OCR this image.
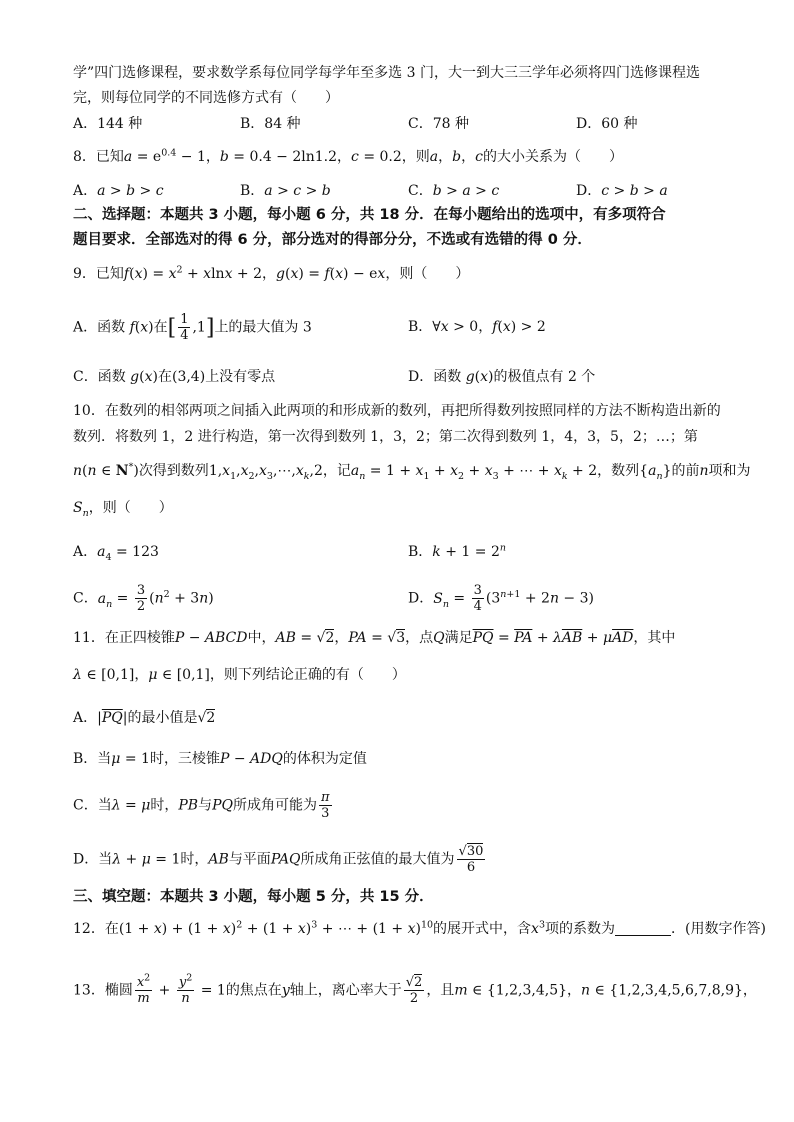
学”四门选修课程，要求数学系每位同学每学年至多选 3 门，大一到大三三学年必须将四门选修课程选
完，则每位同学的不同选修方式有（　　）
A．144 种	B．84 种	C．78 种	D．60 种
8．已知$a = e^{0.4} - 1$，b = 0.4 − 2ln1.2，c = 0.2，则a，b，c的大小关系为（　　）
A．a > b > c	B．a > c > b	C．b > a > c	D．c > b > a
二、选择题：本题共 3 小题，每小题 6 分，共 18 分．在每小题给出的选项中，有多项符合
题目要求．全部选对的得 6 分，部分选对的得部分分，不选或有选错的得 0 分．
9．已知$f(x) = x^2 + xlnx + 2$，g(x) = f(x) − ex，则（　　）
A．函数 f(x)在[ $\frac{1}{4} ,1$]上的最大值为 3	B．∀x > 0，f(x) > 2
C．函数 g(x)在(3,4)上没有零点	D．函数 g(x)的极值点有 2 个
10．在数列的相邻两项之间插入此两项的和形成新的数列，再把所得数列按照同样的方法不断构造出新的
数列．将数列 1，2 进行构造，第一次得到数列 1，3，2；第二次得到数列 1，4，3，5，2；…；第
n(n ∈ N*)次得到数列$1,x_1,x_2,x_3,\cdots,x_k,2$，记$a_n = 1 + x_1 + x_2 + x_3$ + ⋯ + $x_k + 2$，数列$\{a_n\}$的前n项和为
$S_n$，则（　　）
A．$a_4 = 123$	B．$k + 1 = 2^n$
C．$a_n = \frac{3}{2} (n^2 + 3n)$	D．$S_n = \frac{3}{4} (3^{n+1} + 2n - 3)$
11．在正四棱锥P − ABCD中，AB = √2，PA = √3，点Q满足$\overline{PQ} = \overline{PA} + \lambda\overline{AB} + \mu\overline{AD}$，其中
λ ∈ [0,1]，μ ∈ [0,1]，则下列结论正确的有（　　）
A．$|\overline{PQ}|$的最小值是√2
B．当μ = 1时，三棱锥P − ADQ的体积为定值
C．当λ = μ时，PB与PQ所成角可能为 $\frac{\pi}{3}$
D．当λ + μ = 1时，AB与平面PAQ所成角正弦值的最大值为 $\frac{√30}{6}$
三、填空题：本题共 3 小题，每小题 5 分，共 15 分．
12．在$(1 + x) + (1 + x)^2 + (1 + x)^3$ + ⋯ + $(1 + x)^{10}$的展开式中，含$x^3$项的系数为	．(用数字作答)
13．椭圆 $\frac{x^2}{m} + \frac{y^2}{n} = 1$的焦点在y轴上，离心率大于 $\frac{√2}{2}$ ，且m ∈ {1,2,3,4,5}，n ∈ {1,2,3,4,5,6,7,8,9}，
